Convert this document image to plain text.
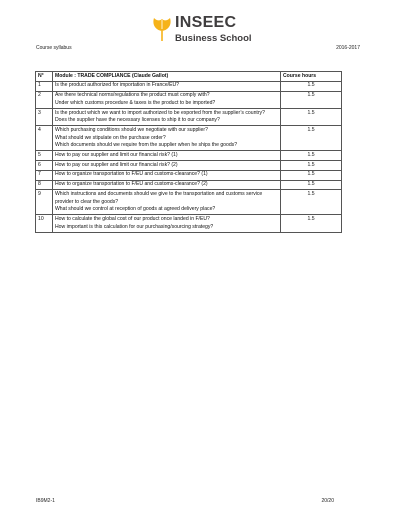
INSEEC
Business School
Course syllabus	2016-2017
N°	Module : TRADE COMPLIANCE (Claude Gallot)	Course hours
1	Is the product authorized for importation in France/EU?	1.5
2	Are there technical norms/regulations the product must comply with?
Under which customs procedure & taxes is the product to be imported?	1.5
3	Is the product which we want to import authorized to be exported from the supplier’s country?
Does the supplier have the necessary licenses to ship it to our company?	1.5
4	Which purchasing conditions should we negotiate with our supplier?
What should we stipulate on the purchase order?
Which documents should we require from the supplier when he ships the goods?	1.5
5	How to pay our supplier and limit our financial risk? (1)	1.5
6	How to pay our supplier and limit our financial risk? (2)	1.5
7	How to organize transportation to F/EU and customs-clearance? (1)	1.5
8	How to organize transportation to F/EU and customs-clearance? (2)	1.5
9	Which instructions and documents should we give to the transportation and customs service provider to clear the goods?
What should we control at reception of goods at agreed delivery place?	1.5
10	How to calculate the global cost of our product once landed in F/EU?
How important is this calculation for our purchasing/sourcing strategy?	1.5
IB9M2-1	20/20
